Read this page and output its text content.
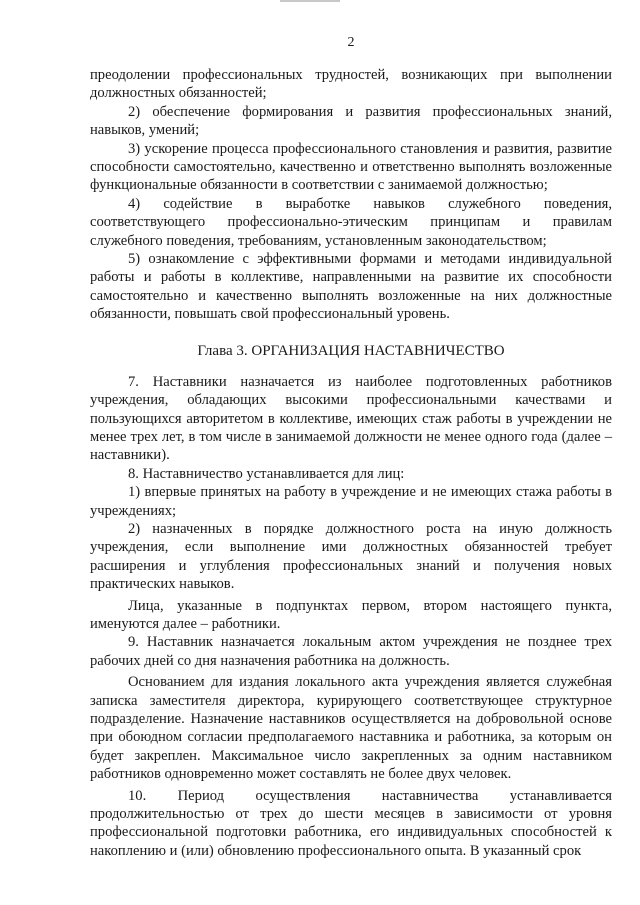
2

преодолении профессиональных трудностей, возникающих при выполнении должностных обязанностей;

2) обеспечение формирования и развития профессиональных знаний, навыков, умений;

3) ускорение процесса профессионального становления и развития, развитие способности самостоятельно, качественно и ответственно выполнять возложенные функциональные обязанности в соответствии с занимаемой должностью;

4) содействие в выработке навыков служебного поведения, соответствующего профессионально-этическим принципам и правилам служебного поведения, требованиям, установленным законодательством;

5) ознакомление с эффективными формами и методами индивидуальной работы и работы в коллективе, направленными на развитие их способности самостоятельно и качественно выполнять возложенные на них должностные обязанности, повышать свой профессиональный уровень.

Глава 3. ОРГАНИЗАЦИЯ НАСТАВНИЧЕСТВО

7. Наставники назначается из наиболее подготовленных работников учреждения, обладающих высокими профессиональными качествами и пользующихся авторитетом в коллективе, имеющих стаж работы в учреждении не менее трех лет, в том числе в занимаемой должности не менее одного года (далее – наставники).

8. Наставничество устанавливается для лиц:

1) впервые принятых на работу в учреждение и не имеющих стажа работы в учреждениях;

2) назначенных в порядке должностного роста на иную должность учреждения, если выполнение ими должностных обязанностей требует расширения и углубления профессиональных знаний и получения новых практических навыков.

Лица, указанные в подпунктах первом, втором настоящего пункта, именуются далее – работники.

9. Наставник назначается локальным актом учреждения не позднее трех рабочих дней со дня назначения работника на должность.

Основанием для издания локального акта учреждения является служебная записка заместителя директора, курирующего соответствующее структурное подразделение. Назначение наставников осуществляется на добровольной основе при обоюдном согласии предполагаемого наставника и работника, за которым он будет закреплен. Максимальное число закрепленных за одним наставником работников одновременно может составлять не более двух человек.

10. Период осуществления наставничества устанавливается продолжительностью от трех до шести месяцев в зависимости от уровня профессиональной подготовки работника, его индивидуальных способностей к накоплению и (или) обновлению профессионального опыта. В указанный срок
